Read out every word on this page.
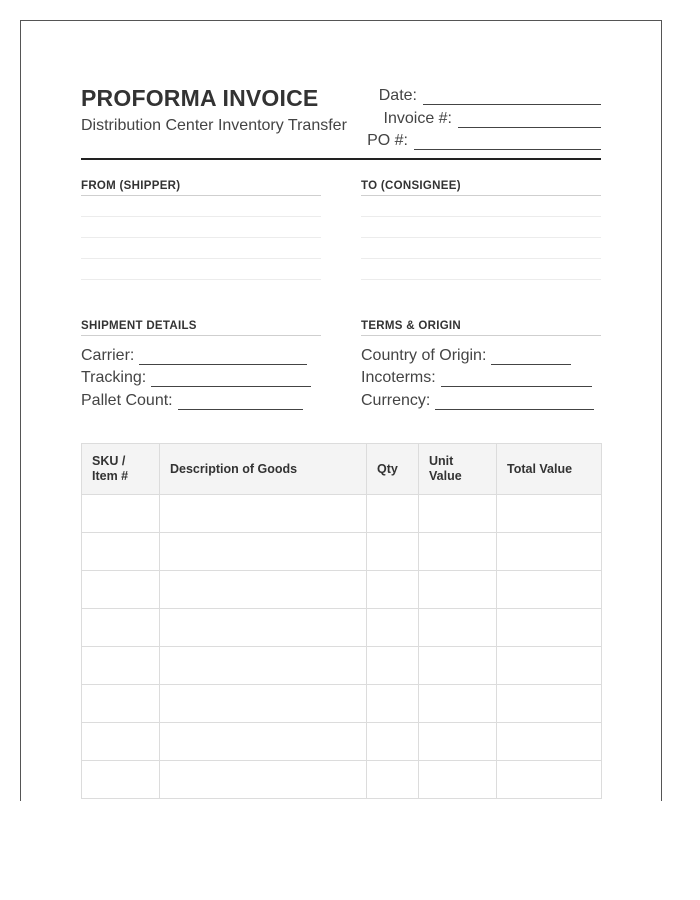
PROFORMA INVOICE
Distribution Center Inventory Transfer
Date:
Invoice #:
PO #:
FROM (SHIPPER)	TO (CONSIGNEE)
SHIPMENT DETAILS
Carrier:
Tracking:
Pallet Count:
TERMS & ORIGIN
Country of Origin:
Incoterms:
Currency:
SKU / Item #	Description of Goods	Qty	Unit Value	Total Value
